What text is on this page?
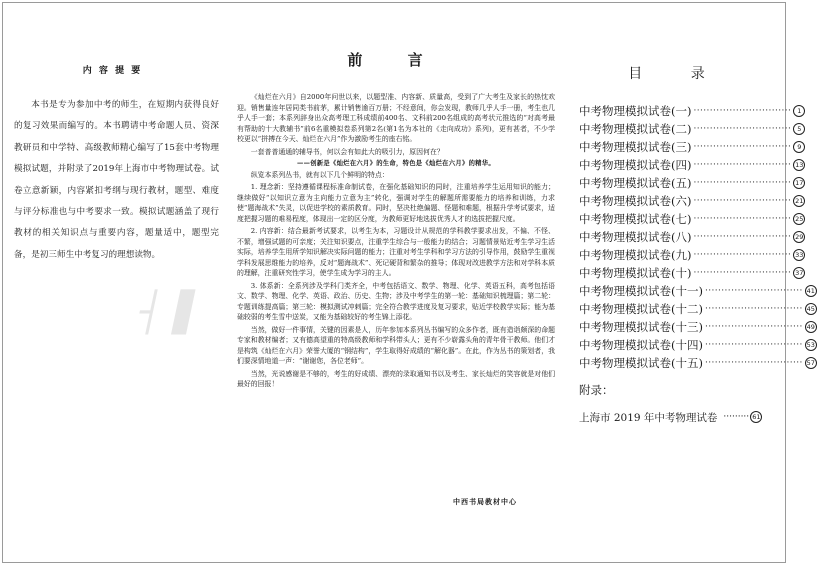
┤ ▌
内 容 提 要

本书是专为参加中考的师生，在短期内获得良好的复习效果而编写的。本书聘请中考命题人员、资深教研员和中学特、高级教师精心编写了15套中考物理模拟试题，并附录了2019年上海市中考物理试卷。试卷立意新颖，内容紧扣考纲与现行教材，题型、难度与评分标准也与中考要求一致。模拟试题涵盖了现行教材的相关知识点与重要内容，题量适中，题型完备，是初三师生中考复习的理想读物。

前 言

《灿烂在六月》自2000年问世以来，以题型准、内容新、质量高，受到了广大考生及家长的热忱欢迎。销售量连年居同类书前茅，累计销售逾百万册；不经意间，你会发现，教师几乎人手一册，考生也几乎人手一套；本系列辞身出众高考理工科成绩前400名、文科前200名组成的高考状元推选的“对高考最有帮助的十大教辅书”前6名重模拟卷系列第2名(第1名为本社的《走向成功》系列)，更有甚者，不少学校更以“拼搏在今天、灿烂在六月”作为激励考生的座右铭。

一套普普通通的辅导书，何以会有如此大的吸引力，原因何在？

——创新是《灿烂在六月》的生命，特色是《灿烂在六月》的精华。

纵览本系列丛书，就有以下几个鲜明的特点：

1. 理念新：坚持遵循课程标准命制试卷，在强化基础知识的同时，注重培养学生运用知识的能力；继续做好“以知识立意为主向能力立意为主”转化，强调对学生的解题所需要能力的培养和训练，力求使“题海战术”失灵，以促进学校的素质教育。同时，坚决杜绝偏题、怪题和难题，根据升学考试要求，适度把握习题的难易程度，体现出一定的区分度，为教师更好地选拔优秀人才的选拔把握尺度。

2. 内容新：结合最新考试要求，以考生为本，习题设计从规范的学科教学要求出发，不偏、不怪、不繁，增强试题的可亲度；关注知识要点，注重学生综合与一般能力的结合；习题情景贴近考生学习生活实际，培养学生用所学知识解决实际问题的能力；注重对考生学科和学习方法的引导作用，鼓励学生重视学科发展思维能力的培养，反对“题海战术”、死记硬背和繁杂的推导；体现对改进教学方法和对学科本质的理解，注重研究性学习，使学生成为学习的主人。

3. 体系新：全系列涉及学科门类齐全，中考包括语文、数学、物理、化学、英语五科，高考包括语文、数学、物理、化学、英语、政治、历史、生物；涉及中考学生的第一轮：基础知识梳理篇；第二轮：专题训练提高篇；第三轮：模拟测试冲刺篇；完全符合教学进度及复习要求，贴近学校教学实际；能为基础较弱的考生雪中送炭，又能为基础较好的考生锦上添花。

当然，做好一件事情，关键的因素是人，历年参加本系列丛书编写的众多作者，既有造诣颇深的命题专家和教材编者；又有德高望重的特高级教师和学科带头人；更有不少崭露头角的青年骨干教师。他们才是构筑《灿烂在六月》荣誉大厦的“钢结构”，学生取得好成绩的“解化器”。在此，作为丛书的策划者，我们要深情地道一声：“谢谢您，各位老师”。

当然，光说感谢是不够的，考生的好成绩、漂亮的录取通知书以及考生、家长灿烂的笑容就是对他们最好的回报！

中西书局教材中心
目 录
中考物理模拟试卷(一) ······························ 1
中考物理模拟试卷(二) ······························ 5
中考物理模拟试卷(三) ······························ 9
中考物理模拟试卷(四) ······························ 13
中考物理模拟试卷(五) ······························ 17
中考物理模拟试卷(六) ······························ 21
中考物理模拟试卷(七) ······························ 25
中考物理模拟试卷(八) ······························ 29
中考物理模拟试卷(九) ······························ 33
中考物理模拟试卷(十) ······························ 37
中考物理模拟试卷(十一) ······························ 41
中考物理模拟试卷(十二) ······························ 45
中考物理模拟试卷(十三) ······························ 49
中考物理模拟试卷(十四) ······························ 53
中考物理模拟试卷(十五) ······························ 57
附录：
上海市 2019 年中考物理试卷 ·········· 61
